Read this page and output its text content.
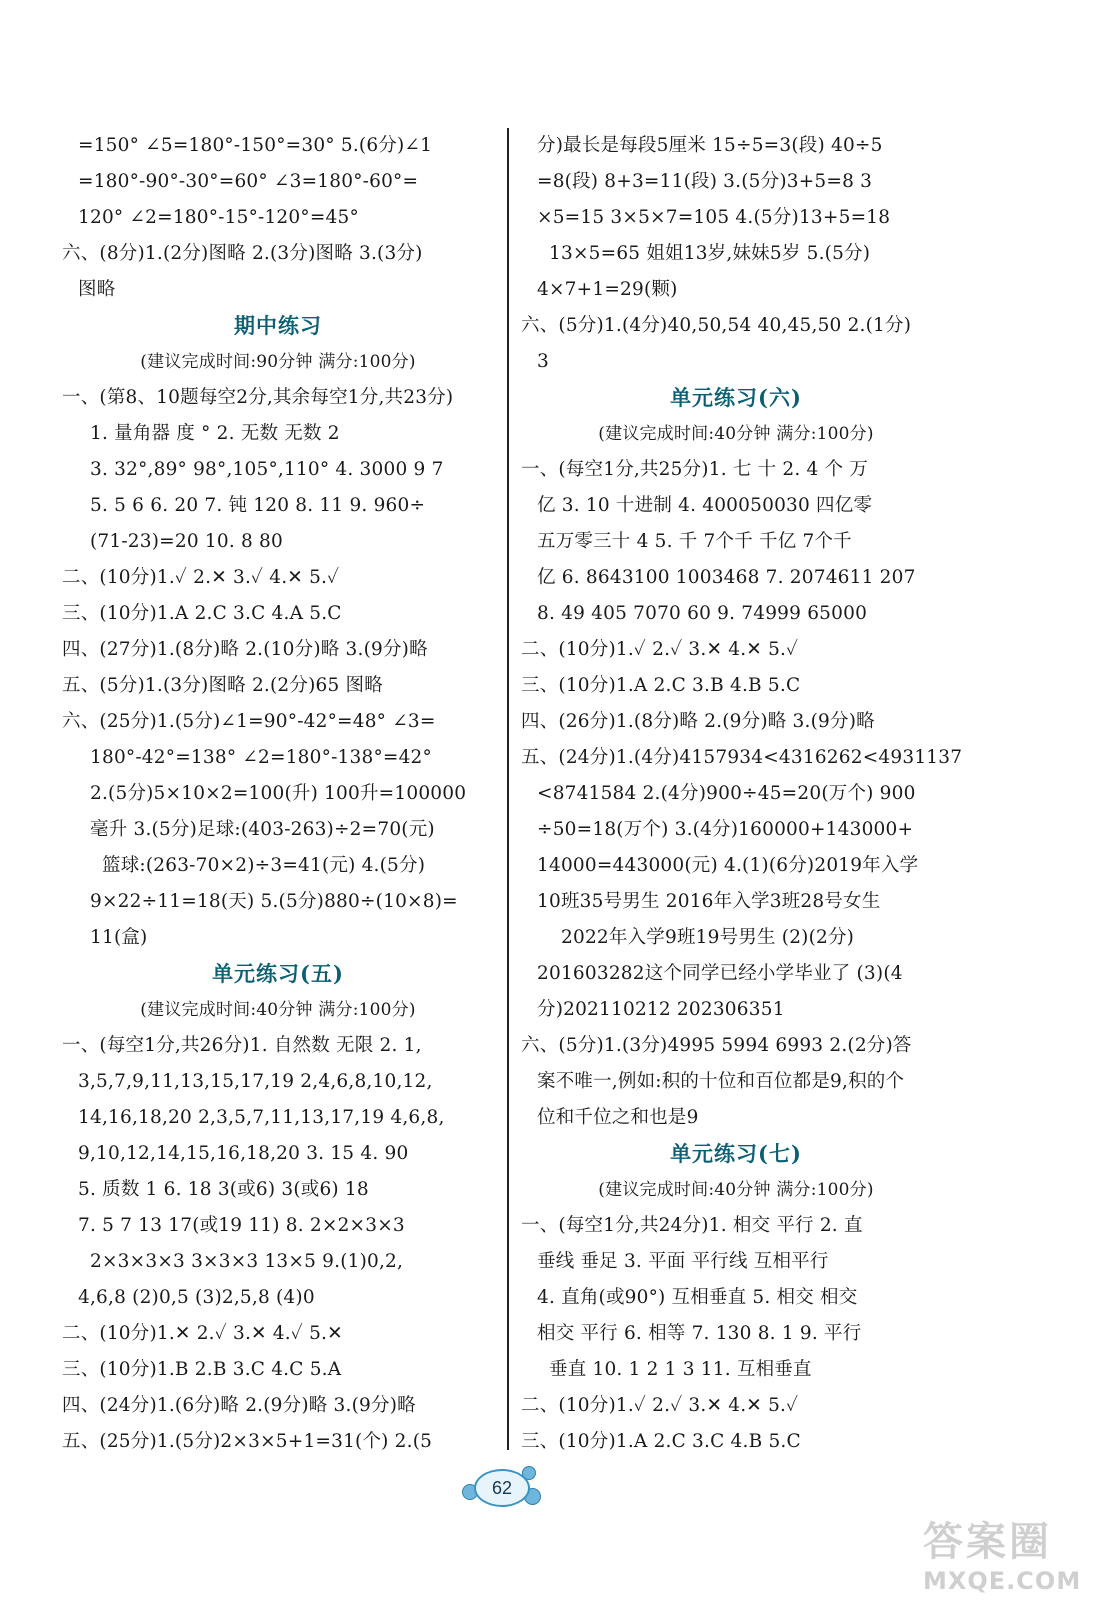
=150° ∠5=180°-150°=30° 5.(6分)∠1
=180°-90°-30°=60° ∠3=180°-60°=
120° ∠2=180°-15°-120°=45°
六、(8分)1.(2分)图略 2.(3分)图略 3.(3分)
图略
期中练习
(建议完成时间:90分钟 满分:100分)
一、(第8、10题每空2分,其余每空1分,共23分)
1. 量角器 度 ° 2. 无数 无数 2
3. 32°,89° 98°,105°,110° 4. 3000 9 7
5. 5 6 6. 20 7. 钝 120 8. 11 9. 960÷
(71-23)=20 10. 8 80
二、(10分)1.✓ 2.✕ 3.✓ 4.✕ 5.✓
三、(10分)1.A 2.C 3.C 4.A 5.C
四、(27分)1.(8分)略 2.(10分)略 3.(9分)略
五、(5分)1.(3分)图略 2.(2分)65 图略
六、(25分)1.(5分)∠1=90°-42°=48° ∠3=
180°-42°=138° ∠2=180°-138°=42°
2.(5分)5×10×2=100(升) 100升=100000
毫升 3.(5分)足球:(403-263)÷2=70(元)
篮球:(263-70×2)÷3=41(元) 4.(5分)
9×22÷11=18(天) 5.(5分)880÷(10×8)=
11(盒)
单元练习(五)
(建议完成时间:40分钟 满分:100分)
一、(每空1分,共26分)1. 自然数 无限 2. 1,
3,5,7,9,11,13,15,17,19 2,4,6,8,10,12,
14,16,18,20 2,3,5,7,11,13,17,19 4,6,8,
9,10,12,14,15,16,18,20 3. 15 4. 90
5. 质数 1 6. 18 3(或6) 3(或6) 18
7. 5 7 13 17(或19 11) 8. 2×2×3×3
2×3×3×3 3×3×3 13×5 9.(1)0,2,
4,6,8 (2)0,5 (3)2,5,8 (4)0
二、(10分)1.✕ 2.✓ 3.✕ 4.✓ 5.✕
三、(10分)1.B 2.B 3.C 4.C 5.A
四、(24分)1.(6分)略 2.(9分)略 3.(9分)略
五、(25分)1.(5分)2×3×5+1=31(个) 2.(5
分)最长是每段5厘米 15÷5=3(段) 40÷5
=8(段) 8+3=11(段) 3.(5分)3+5=8 3
×5=15 3×5×7=105 4.(5分)13+5=18
13×5=65 姐姐13岁,妹妹5岁 5.(5分)
4×7+1=29(颗)
六、(5分)1.(4分)40,50,54 40,45,50 2.(1分)
3
单元练习(六)
(建议完成时间:40分钟 满分:100分)
一、(每空1分,共25分)1. 七 十 2. 4 个 万
亿 3. 10 十进制 4. 400050030 四亿零
五万零三十 4 5. 千 7个千 千亿 7个千
亿 6. 8643100 1003468 7. 2074611 207
8. 49 405 7070 60 9. 74999 65000
二、(10分)1.✓ 2.✓ 3.✕ 4.✕ 5.✓
三、(10分)1.A 2.C 3.B 4.B 5.C
四、(26分)1.(8分)略 2.(9分)略 3.(9分)略
五、(24分)1.(4分)4157934<4316262<4931137
<8741584 2.(4分)900÷45=20(万个) 900
÷50=18(万个) 3.(4分)160000+143000+
14000=443000(元) 4.(1)(6分)2019年入学
10班35号男生 2016年入学3班28号女生
2022年入学9班19号男生 (2)(2分)
201603282这个同学已经小学毕业了 (3)(4
分)202110212 202306351
六、(5分)1.(3分)4995 5994 6993 2.(2分)答
案不唯一,例如:积的十位和百位都是9,积的个
位和千位之和也是9
单元练习(七)
(建议完成时间:40分钟 满分:100分)
一、(每空1分,共24分)1. 相交 平行 2. 直
垂线 垂足 3. 平面 平行线 互相平行
4. 直角(或90°) 互相垂直 5. 相交 相交
相交 平行 6. 相等 7. 130 8. 1 9. 平行
垂直 10. 1 2 1 3 11. 互相垂直
二、(10分)1.✓ 2.✓ 3.✕ 4.✕ 5.✓
三、(10分)1.A 2.C 3.C 4.B 5.C
62
答案圈
MXQE.COM
